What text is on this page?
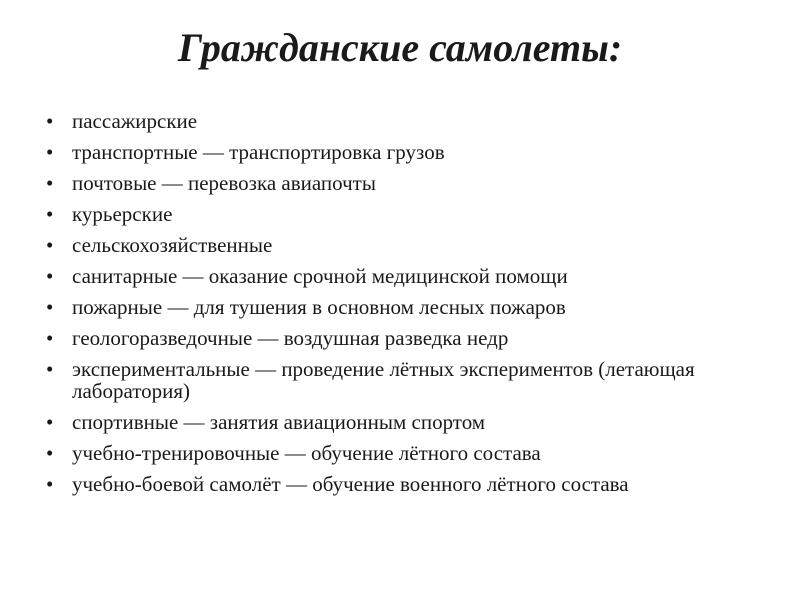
Гражданские самолеты:
• пассажирские
• транспортные — транспортировка грузов
• почтовые — перевозка авиапочты
• курьерские
• сельскохозяйственные
• санитарные — оказание срочной медицинской помощи
• пожарные — для тушения в основном лесных пожаров
• геологоразведочные — воздушная разведка недр
• экспериментальные — проведение лётных экспериментов (летающая лаборатория)
• спортивные — занятия авиационным спортом
• учебно-тренировочные — обучение лётного состава
• учебно-боевой самолёт — обучение военного лётного состава
